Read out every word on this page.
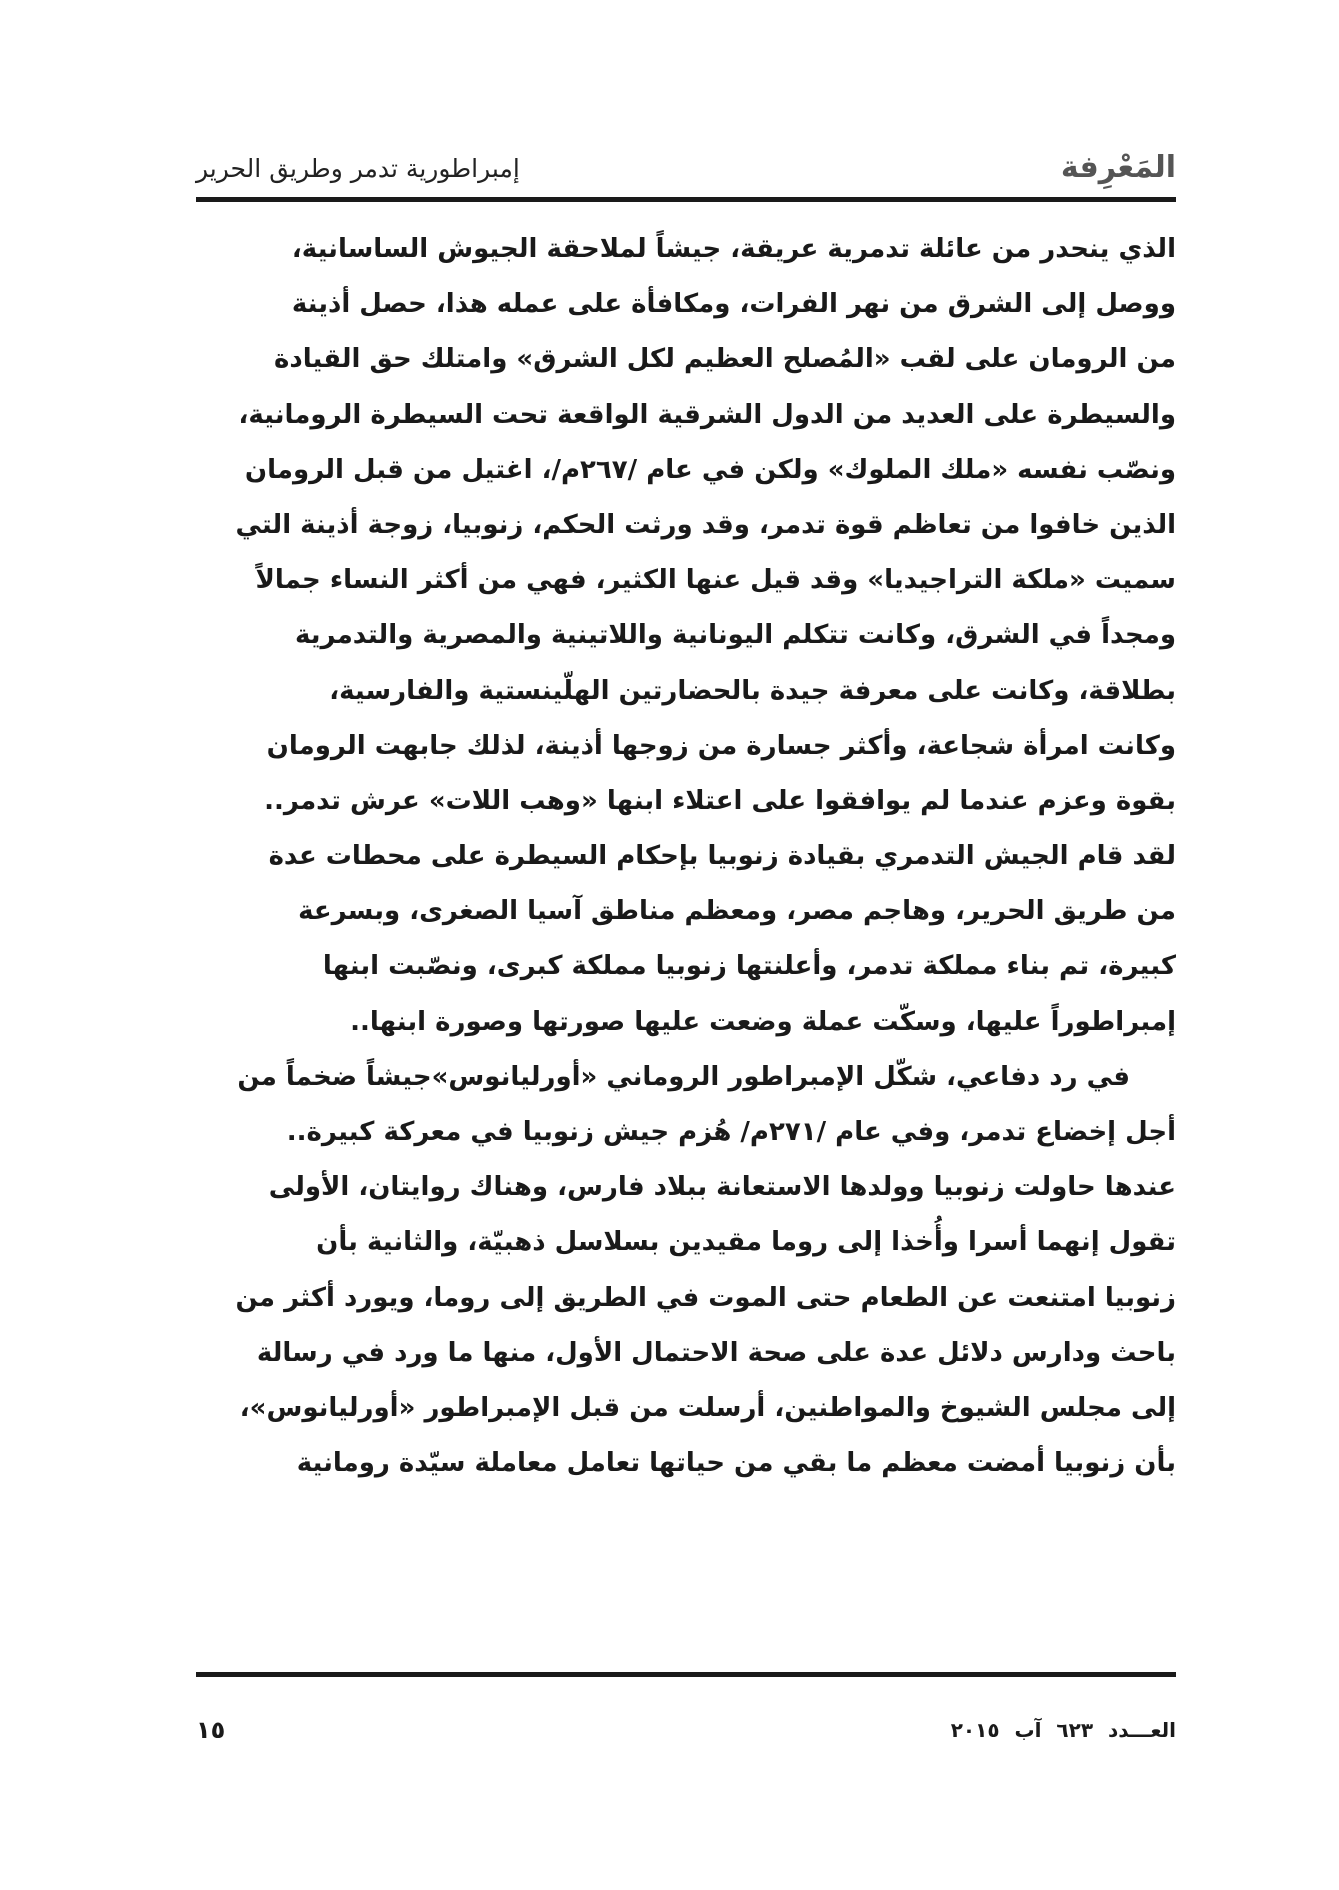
إمبراطورية تدمر وطريق الحرير	المَعْرِفة
الذي ينحدر من عائلة تدمرية عريقة، جيشاً لملاحقة الجيوش الساسانية،
ووصل إلى الشرق من نهر الفرات، ومكافأة على عمله هذا، حصل أذينة
من الرومان على لقب «المُصلح العظيم لكل الشرق» وامتلك حق القيادة
والسيطرة على العديد من الدول الشرقية الواقعة تحت السيطرة الرومانية،
ونصّب نفسه «ملك الملوك» ولكن في عام /٢٦٧م/، اغتيل من قبل الرومان
الذين خافوا من تعاظم قوة تدمر، وقد ورثت الحكم، زنوبيا، زوجة أذينة التي
سميت «ملكة التراجيديا» وقد قيل عنها الكثير، فهي من أكثر النساء جمالاً
ومجداً في الشرق، وكانت تتكلم اليونانية واللاتينية والمصرية والتدمرية
بطلاقة، وكانت على معرفة جيدة بالحضارتين الهلّينستية والفارسية،
وكانت امرأة شجاعة، وأكثر جسارة من زوجها أذينة، لذلك جابهت الرومان
بقوة وعزم عندما لم يوافقوا على اعتلاء ابنها «وهب اللات» عرش تدمر..
لقد قام الجيش التدمري بقيادة زنوبيا بإحكام السيطرة على محطات عدة
من طريق الحرير، وهاجم مصر، ومعظم مناطق آسيا الصغرى، وبسرعة
كبيرة، تم بناء مملكة تدمر، وأعلنتها زنوبيا مملكة كبرى، ونصّبت ابنها
إمبراطوراً عليها، وسكّت عملة وضعت عليها صورتها وصورة ابنها..
في رد دفاعي، شكّل الإمبراطور الروماني «أورليانوس»جيشاً ضخماً من
أجل إخضاع تدمر، وفي عام /٢٧١م/ هُزم جيش زنوبيا في معركة كبيرة..
عندها حاولت زنوبيا وولدها الاستعانة ببلاد فارس، وهناك روايتان، الأولى
تقول إنهما أسرا وأُخذا إلى روما مقيدين بسلاسل ذهبيّة، والثانية بأن
زنوبيا امتنعت عن الطعام حتى الموت في الطريق إلى روما، ويورد أكثر من
باحث ودارس دلائل عدة على صحة الاحتمال الأول، منها ما ورد في رسالة
إلى مجلس الشيوخ والمواطنين، أرسلت من قبل الإمبراطور «أورليانوس»،
بأن زنوبيا أمضت معظم ما بقي من حياتها تعامل معاملة سيّدة رومانية
١٥	العـــدد ٦٢٣ آب ٢٠١٥
